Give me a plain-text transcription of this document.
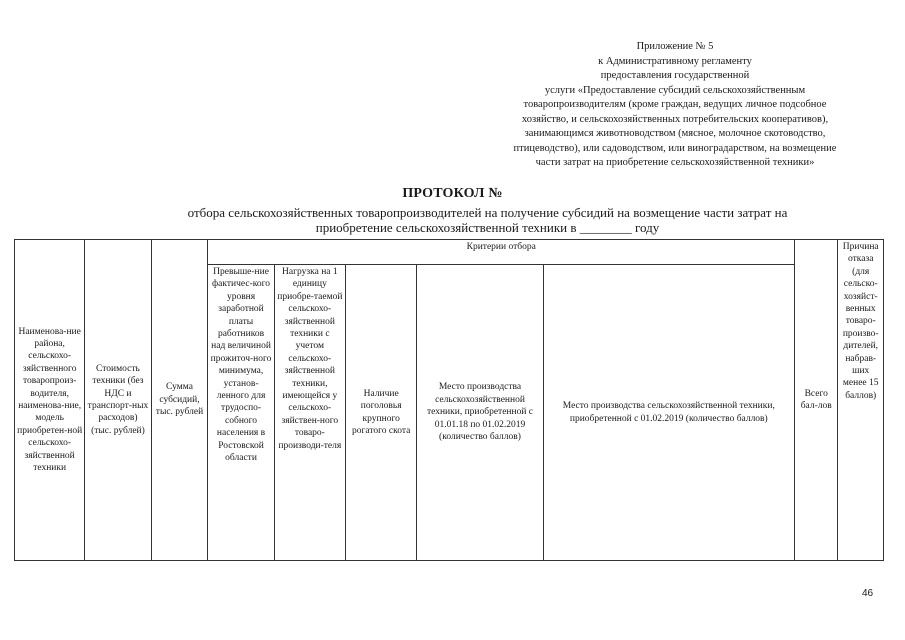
Приложение № 5
к Административному регламенту
предоставления государственной
услуги «Предоставление субсидий сельскохозяйственным
товаропроизводителям (кроме граждан, ведущих личное подсобное
хозяйство, и сельскохозяйственных потребительских кооперативов),
занимающимся животноводством (мясное, молочное скотоводство,
птицеводство), или садоводством, или виноградарством, на возмещение
части затрат на приобретение сельскохозяйственной техники»
ПРОТОКОЛ №
отбора сельскохозяйственных товаропроизводителей на получение субсидий на возмещение части затрат на
приобретение сельскохозяйственной техники в ________ году
Наименова-ние района, сельскохо-зяйственного товаропроиз-водителя, наименова-ние, модель приобретен-ной сельскохо-зяйственной техники	Стоимость техники (без НДС и транспорт-ных расходов) (тыс. рублей)	Сумма субсидий, тыс. рублей	Критерии отбора					Всего бал-лов	Причина отказа (для сельско-хозяйст-венных товаро-произво-дителей, набрав-ших менее 15 баллов)

			Превыше-ние фактичес-кого уровня заработной платы работников над величиной прожиточ-ного минимума, установ-ленного для трудоспо-собного населения в Ростовской области	Нагрузка на 1 единицу приобре-таемой сельскохо-зяйственной техники с учетом сельскохо-зяйственной техники, имеющейся у сельскохо-зяйствен-ного товаро-производи-теля	Наличие поголовья крупного рогатого скота	Место производства сельскохозяйственной техники, приобретенной с 01.01.18 по 01.02.2019 (количество баллов)	Место производства сельскохозяйственной техники, приобретенной с 01.02.2019 (количество баллов)		
46
